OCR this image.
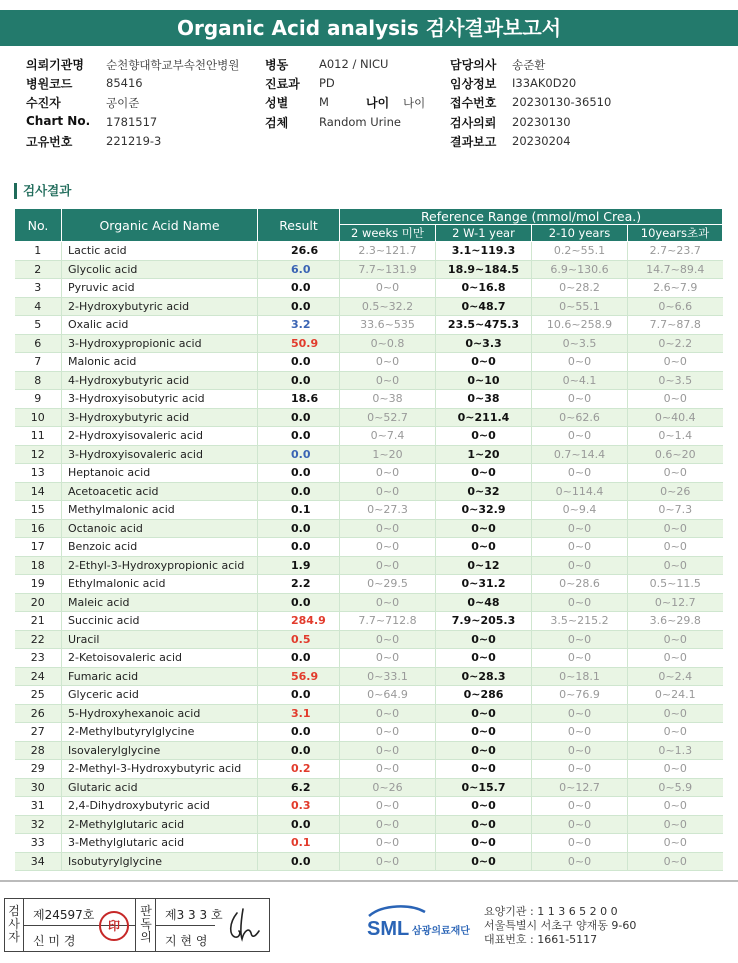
Organic Acid analysis 검사결과보고서
의뢰기관명 순천향대학교부속천안병원
병원코드	85416
수진자	공이준
Chart No. 1781517
고유번호	221219-3
병동	A012 / NICU
진료과 PD
성별	M	나이 나이
검체	Random Urine
담당의사 송준환
임상정보 I33AK0D20
접수번호 20230130-36510
검사의뢰 20230130
결과보고 20230204
검사결과
No.	Organic Acid Name	Result	Reference Range (mmol/mol Crea.)			
			2 weeks 미만	2 W-1 year	2-10 years	10years초과
1	Lactic acid	26.6	2.3~121.7	3.1~119.3	0.2~55.1	2.7~23.7
2	Glycolic acid	6.0	7.7~131.9	18.9~184.5	6.9~130.6	14.7~89.4
3	Pyruvic acid	0.0	0~0	0~16.8	0~28.2	2.6~7.9
4	2-Hydroxybutyric acid	0.0	0.5~32.2	0~48.7	0~55.1	0~6.6
5	Oxalic acid	3.2	33.6~535	23.5~475.3	10.6~258.9	7.7~87.8
6	3-Hydroxypropionic acid	50.9	0~0.8	0~3.3	0~3.5	0~2.2
7	Malonic acid	0.0	0~0	0~0	0~0	0~0
8	4-Hydroxybutyric acid	0.0	0~0	0~10	0~4.1	0~3.5
9	3-Hydroxyisobutyric acid	18.6	0~38	0~38	0~0	0~0
10	3-Hydroxybutyric acid	0.0	0~52.7	0~211.4	0~62.6	0~40.4
11	2-Hydroxyisovaleric acid	0.0	0~7.4	0~0	0~0	0~1.4
12	3-Hydroxyisovaleric acid	0.0	1~20	1~20	0.7~14.4	0.6~20
13	Heptanoic acid	0.0	0~0	0~0	0~0	0~0
14	Acetoacetic acid	0.0	0~0	0~32	0~114.4	0~26
15	Methylmalonic acid	0.1	0~27.3	0~32.9	0~9.4	0~7.3
16	Octanoic acid	0.0	0~0	0~0	0~0	0~0
17	Benzoic acid	0.0	0~0	0~0	0~0	0~0
18	2-Ethyl-3-Hydroxypropionic acid	1.9	0~0	0~12	0~0	0~0
19	Ethylmalonic acid	2.2	0~29.5	0~31.2	0~28.6	0.5~11.5
20	Maleic acid	0.0	0~0	0~48	0~0	0~12.7
21	Succinic acid	284.9	7.7~712.8	7.9~205.3	3.5~215.2	3.6~29.8
22	Uracil	0.5	0~0	0~0	0~0	0~0
23	2-Ketoisovaleric acid	0.0	0~0	0~0	0~0	0~0
24	Fumaric acid	56.9	0~33.1	0~28.3	0~18.1	0~2.4
25	Glyceric acid	0.0	0~64.9	0~286	0~76.9	0~24.1
26	5-Hydroxyhexanoic acid	3.1	0~0	0~0	0~0	0~0
27	2-Methylbutyrylglycine	0.0	0~0	0~0	0~0	0~0
28	Isovalerylglycine	0.0	0~0	0~0	0~0	0~1.3
29	2-Methyl-3-Hydroxybutyric acid	0.2	0~0	0~0	0~0	0~0
30	Glutaric acid	6.2	0~26	0~15.7	0~12.7	0~5.9
31	2,4-Dihydroxybutyric acid	0.3	0~0	0~0	0~0	0~0
32	2-Methylglutaric acid	0.0	0~0	0~0	0~0	0~0
33	3-Methylglutaric acid	0.1	0~0	0~0	0~0	0~0
34	Isobutyrylglycine	0.0	0~0	0~0	0~0	0~0
검사자
제24597호
신 미 경
印
판독의
제3 3 3 호
지 현 영
SML 삼광의료재단
요양기관 : 1 1 3 6 5 2 0 0
서울특별시 서초구 양재동 9-60
대표번호 : 1661-5117
